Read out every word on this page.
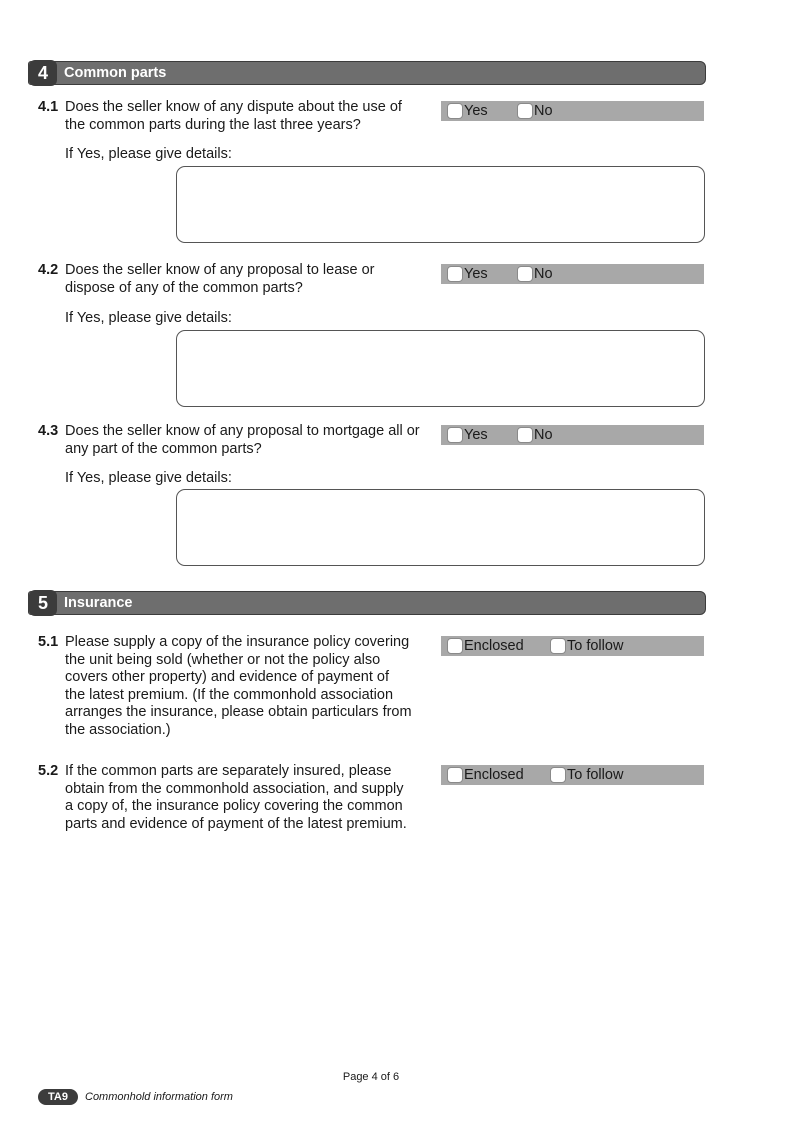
4	Common parts
4.1 Does the seller know of any dispute about the use of
the common parts during the last three years?
Yes	No
If Yes, please give details:
4.2 Does the seller know of any proposal to lease or
dispose of any of the common parts?
Yes	No
If Yes, please give details:
4.3 Does the seller know of any proposal to mortgage all or
any part of the common parts?
Yes	No
If Yes, please give details:
5	Insurance
5.1 Please supply a copy of the insurance policy covering
the unit being sold (whether or not the policy also
covers other property) and evidence of payment of
the latest premium. (If the commonhold association
arranges the insurance, please obtain particulars from
the association.)
Enclosed	To follow
5.2 If the common parts are separately insured, please
obtain from the commonhold association, and supply
a copy of, the insurance policy covering the common
parts and evidence of payment of the latest premium.
Enclosed	To follow
Page 4 of 6
TA9	Commonhold information form
